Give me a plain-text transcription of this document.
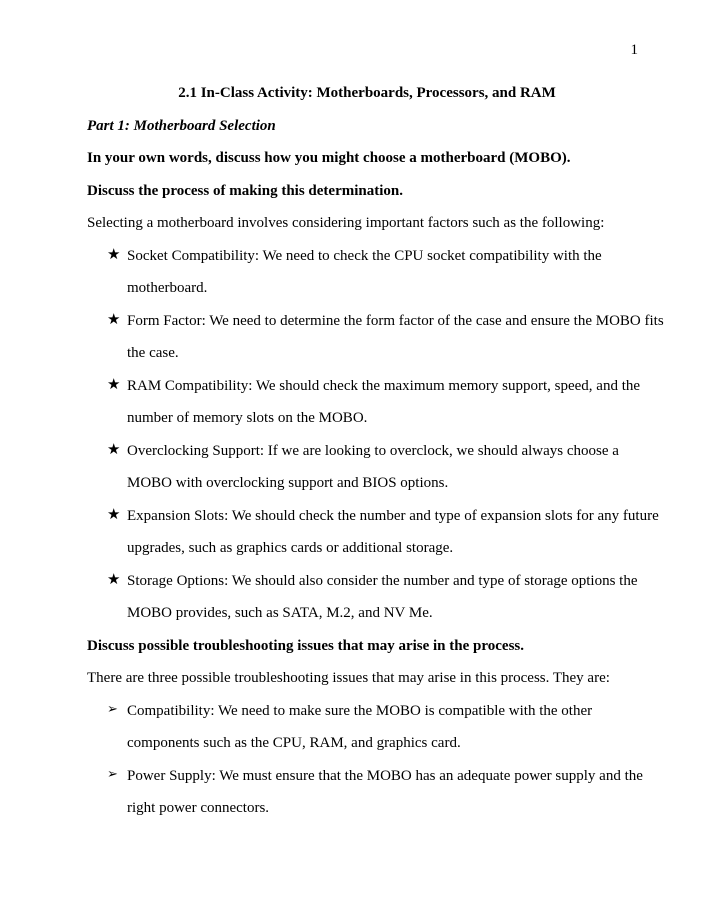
1
2.1 In-Class Activity: Motherboards, Processors, and RAM
Part 1: Motherboard Selection
In your own words, discuss how you might choose a motherboard (MOBO).
Discuss the process of making this determination.
Selecting a motherboard involves considering important factors such as the following:
★ Socket Compatibility: We need to check the CPU socket compatibility with the
motherboard.
★ Form Factor: We need to determine the form factor of the case and ensure the MOBO fits
the case.
★ RAM Compatibility: We should check the maximum memory support, speed, and the
number of memory slots on the MOBO.
★ Overclocking Support: If we are looking to overclock, we should always choose a
MOBO with overclocking support and BIOS options.
★ Expansion Slots: We should check the number and type of expansion slots for any future
upgrades, such as graphics cards or additional storage.
★ Storage Options: We should also consider the number and type of storage options the
MOBO provides, such as SATA, M.2, and NV Me.
Discuss possible troubleshooting issues that may arise in the process.
There are three possible troubleshooting issues that may arise in this process. They are:
➢ Compatibility: We need to make sure the MOBO is compatible with the other
components such as the CPU, RAM, and graphics card.
➢ Power Supply: We must ensure that the MOBO has an adequate power supply and the
right power connectors.
